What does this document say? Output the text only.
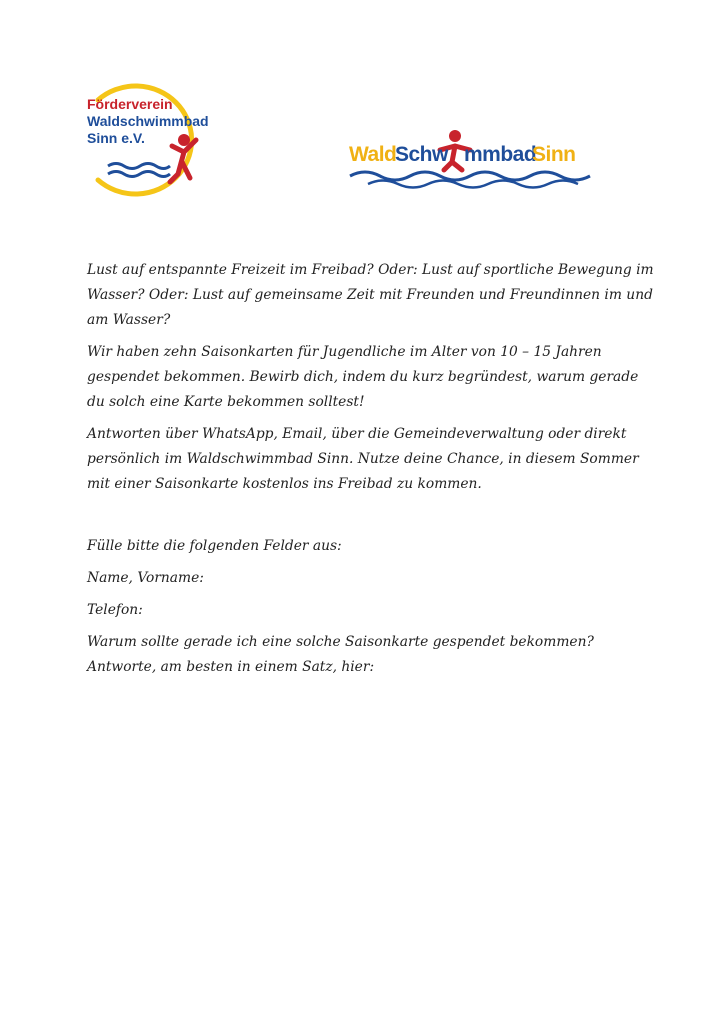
Förderverein
Waldschwimmbad
Sinn e.V.
Wald
Schw mmbad
Sinn

Lust auf entspannte Freizeit im Freibad? Oder: Lust auf sportliche Bewegung im Wasser? Oder: Lust auf gemeinsame Zeit mit Freunden und Freundinnen im und am Wasser?

Wir haben zehn Saisonkarten für Jugendliche im Alter von 10 – 15 Jahren gespendet bekommen. Bewirb dich, indem du kurz begründest, warum gerade du solch eine Karte bekommen solltest!

Antworten über WhatsApp, Email, über die Gemeindeverwaltung oder direkt persönlich im Waldschwimmbad Sinn. Nutze deine Chance, in diesem Sommer mit einer Saisonkarte kostenlos ins Freibad zu kommen.

Fülle bitte die folgenden Felder aus:

Name, Vorname:

Telefon:

Warum sollte gerade ich eine solche Saisonkarte gespendet bekommen?
Antworte, am besten in einem Satz, hier:
